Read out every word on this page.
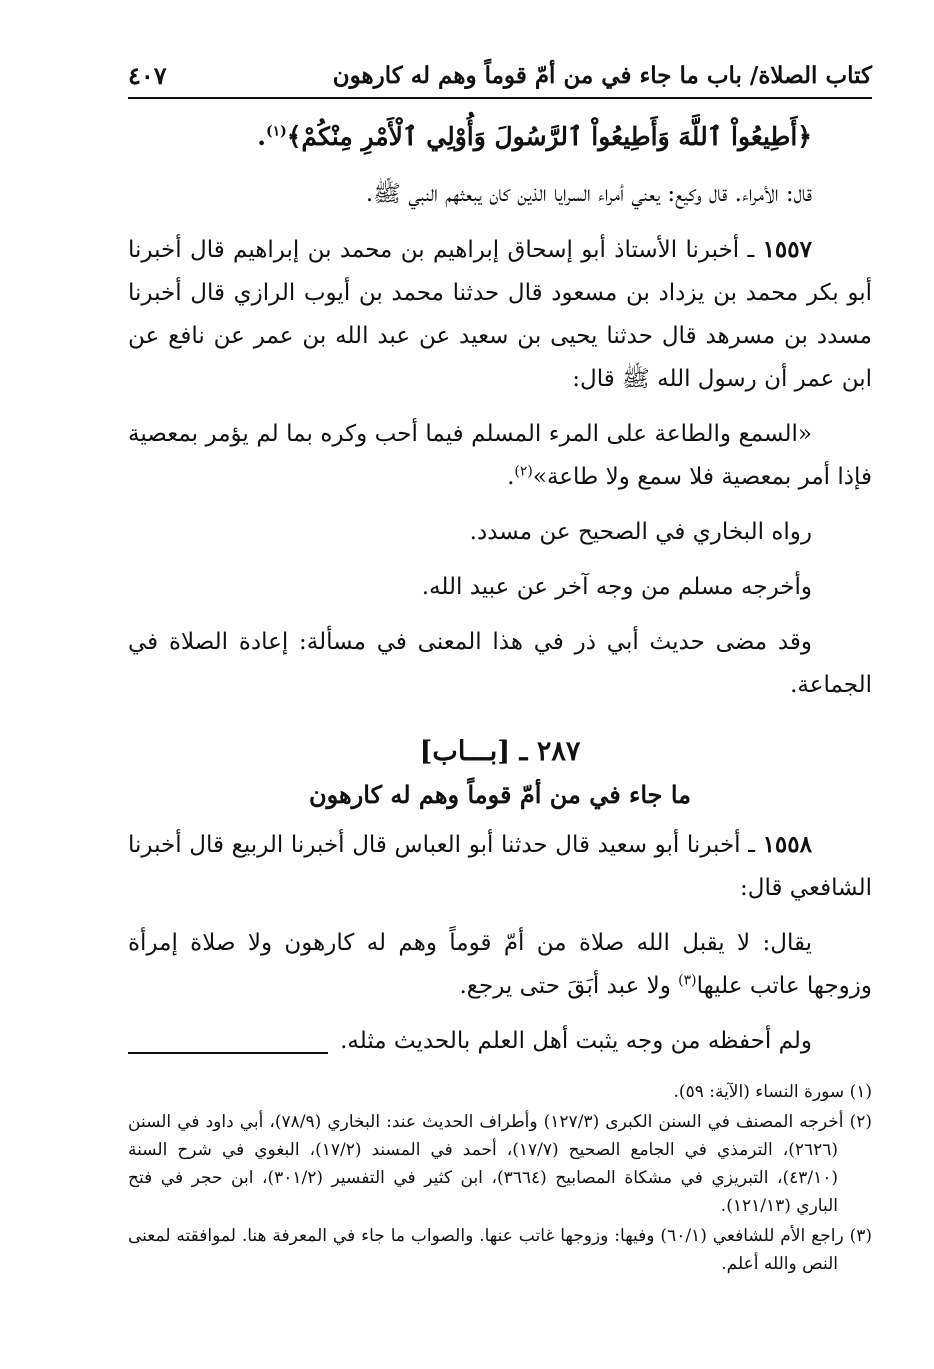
كتاب الصلاة/ باب ما جاء في من أمّ قوماً وهم له كارهون
٤٠٧

﴿أَطِيعُواْ ٱللَّهَ وَأَطِيعُواْ ٱلرَّسُولَ وَأُوْلِي ٱلْأَمْرِ مِنْكُمْ﴾$^{(١)}$.

قال: الأمراء. قال وكيع: يعني أمراء السرايا الذين كان يبعثهم النبي ﷺ.

١٥٥٧ ـ أخبرنا الأستاذ أبو إسحاق إبراهيم بن محمد بن إبراهيم قال أخبرنا أبو بكر محمد بن يزداد بن مسعود قال حدثنا محمد بن أيوب الرازي قال أخبرنا مسدد بن مسرهد قال حدثنا يحيى بن سعيد عن عبد الله بن عمر عن نافع عن ابن عمر أن رسول الله ﷺ قال:

«السمع والطاعة على المرء المسلم فيما أحب وكره بما لم يؤمر بمعصية فإذا أمر بمعصية فلا سمع ولا طاعة»$^{(٢)}$.

رواه البخاري في الصحيح عن مسدد.

وأخرجه مسلم من وجه آخر عن عبيد الله.

وقد مضى حديث أبي ذر في هذا المعنى في مسألة: إعادة الصلاة في الجماعة.

٢٨٧ ـ [بـــاب]
ما جاء في من أمّ قوماً وهم له كارهون

١٥٥٨ ـ أخبرنا أبو سعيد قال حدثنا أبو العباس قال أخبرنا الربيع قال أخبرنا الشافعي قال:

يقال: لا يقبل الله صلاة من أمّ قوماً وهم له كارهون ولا صلاة إمرأة وزوجها عاتب عليها$^{(٣)}$ ولا عبد أبَقَ حتى يرجع.

ولم أحفظه من وجه يثبت أهل العلم بالحديث مثله.

(١) سورة النساء (الآية: ٥٩).
(٢) أخرجه المصنف في السنن الكبرى (١٢٧/٣) وأطراف الحديث عند: البخاري (٧٨/٩)، أبي داود في السنن (٢٦٢٦)، الترمذي في الجامع الصحيح (١٧/٧)، أحمد في المسند (١٧/٢)، البغوي في شرح السنة (٤٣/١٠)، التبريزي في مشكاة المصابيح (٣٦٦٤)، ابن كثير في التفسير (٣٠١/٢)، ابن حجر في فتح الباري (١٢١/١٣).
(٣) راجع الأم للشافعي (٦٠/١) وفيها: وزوجها غاتب عنها. والصواب ما جاء في المعرفة هنا. لموافقته لمعنى النص والله أعلم.
